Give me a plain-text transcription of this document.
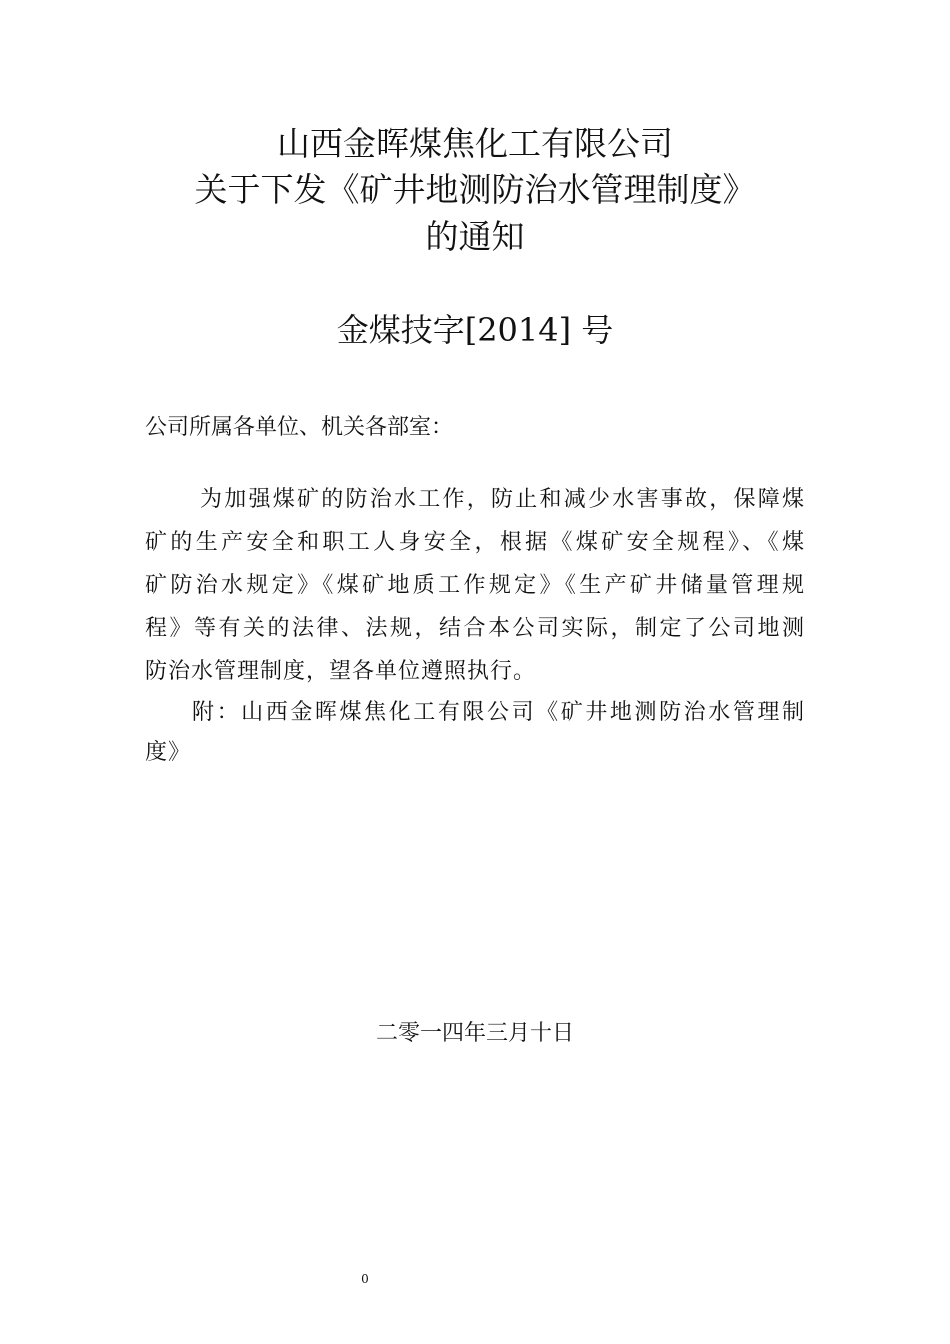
山西金晖煤焦化工有限公司
关于下发《矿井地测防治水管理制度》
的通知
金煤技字[2014] 号
公司所属各单位、机关各部室：
为加强煤矿的防治水工作，防止和减少水害事故，保障煤
矿的生产安全和职工人身安全，根据《煤矿安全规程》、《煤
矿防治水规定》《煤矿地质工作规定》《生产矿井储量管理规
程》等有关的法律、法规，结合本公司实际，制定了公司地测
防治水管理制度，望各单位遵照执行。
附：山西金晖煤焦化工有限公司《矿井地测防治水管理制
度》
二零一四年三月十日
0
